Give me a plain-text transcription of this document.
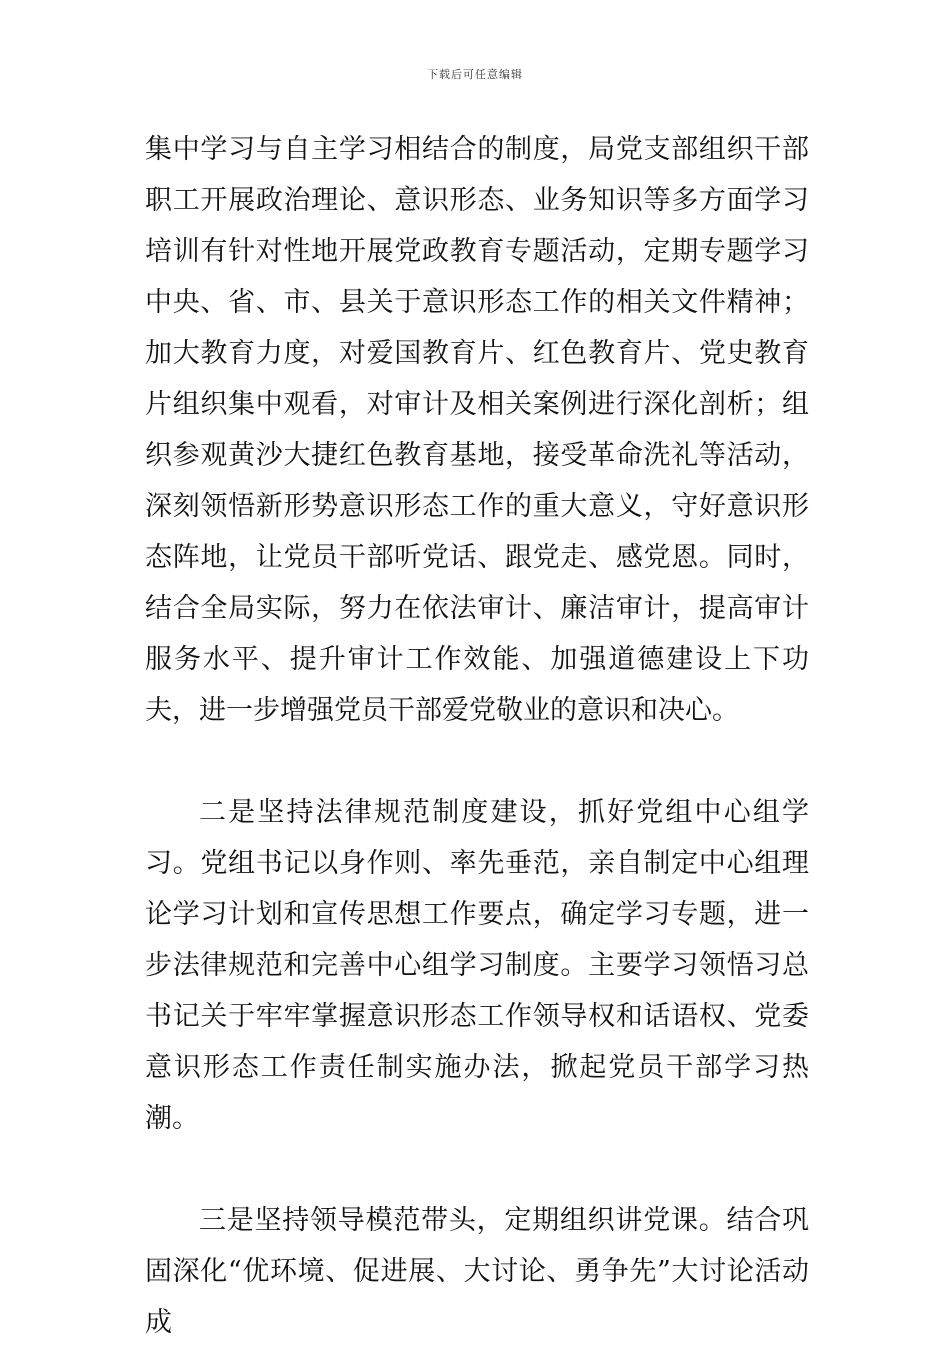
下载后可任意编辑

集中学习与自主学习相结合的制度，局党支部组织干部职工开展政治理论、意识形态、业务知识等多方面学习培训有针对性地开展党政教育专题活动，定期专题学习中央、省、市、县关于意识形态工作的相关文件精神；加大教育力度，对爱国教育片、红色教育片、党史教育片组织集中观看，对审计及相关案例进行深化剖析；组织参观黄沙大捷红色教育基地，接受革命洗礼等活动，深刻领悟新形势意识形态工作的重大意义，守好意识形态阵地，让党员干部听党话、跟党走、感党恩。同时，结合全局实际，努力在依法审计、廉洁审计，提高审计服务水平、提升审计工作效能、加强道德建设上下功夫，进一步增强党员干部爱党敬业的意识和决心。

二是坚持法律规范制度建设，抓好党组中心组学习。党组书记以身作则、率先垂范，亲自制定中心组理论学习计划和宣传思想工作要点，确定学习专题，进一步法律规范和完善中心组学习制度。主要学习领悟习总书记关于牢牢掌握意识形态工作领导权和话语权、党委意识形态工作责任制实施办法，掀起党员干部学习热潮。

三是坚持领导模范带头，定期组织讲党课。结合巩固深化“优环境、促进展、大讨论、勇争先”大讨论活动成
